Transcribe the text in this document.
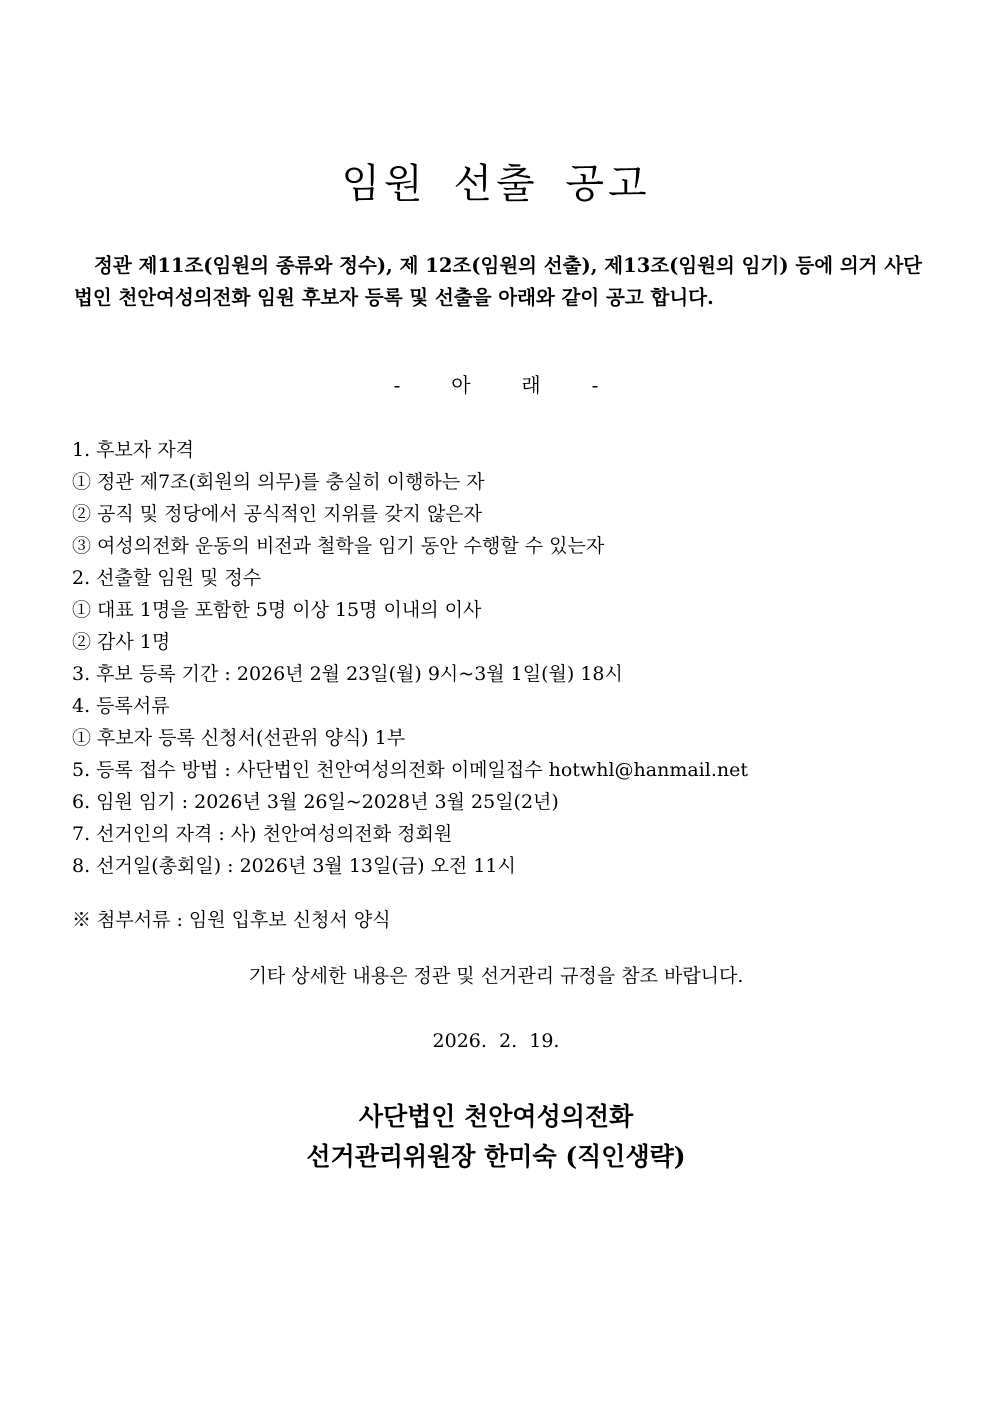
임원 선출 공고

정관 제11조(임원의 종류와 정수), 제 12조(임원의 선출), 제13조(임원의 임기) 등에 의거 사단법인 천안여성의전화 임원 후보자 등록 및 선출을 아래와 같이 공고 합니다.

-        아        래        -
1. 후보자 자격
① 정관 제7조(회원의 의무)를 충실히 이행하는 자
② 공직 및 정당에서 공식적인 지위를 갖지 않은자
③ 여성의전화 운동의 비전과 철학을 임기 동안 수행할 수 있는자
2. 선출할 임원 및 정수
① 대표 1명을 포함한 5명 이상 15명 이내의 이사
② 감사 1명
3. 후보 등록 기간 : 2026년 2월 23일(월) 9시~3월 1일(월) 18시
4. 등록서류
① 후보자 등록 신청서(선관위 양식) 1부
5. 등록 접수 방법 : 사단법인 천안여성의전화 이메일접수 hotwhl@hanmail.net
6. 임원 임기 : 2026년 3월 26일~2028년 3월 25일(2년)
7. 선거인의 자격 : 사) 천안여성의전화 정회원
8. 선거일(총회일) : 2026년 3월 13일(금) 오전 11시
※ 첨부서류 : 임원 입후보 신청서 양식
기타 상세한 내용은 정관 및 선거관리 규정을 참조 바랍니다.
2026.  2.  19.
사단법인 천안여성의전화
선거관리위원장 한미숙 (직인생략)
